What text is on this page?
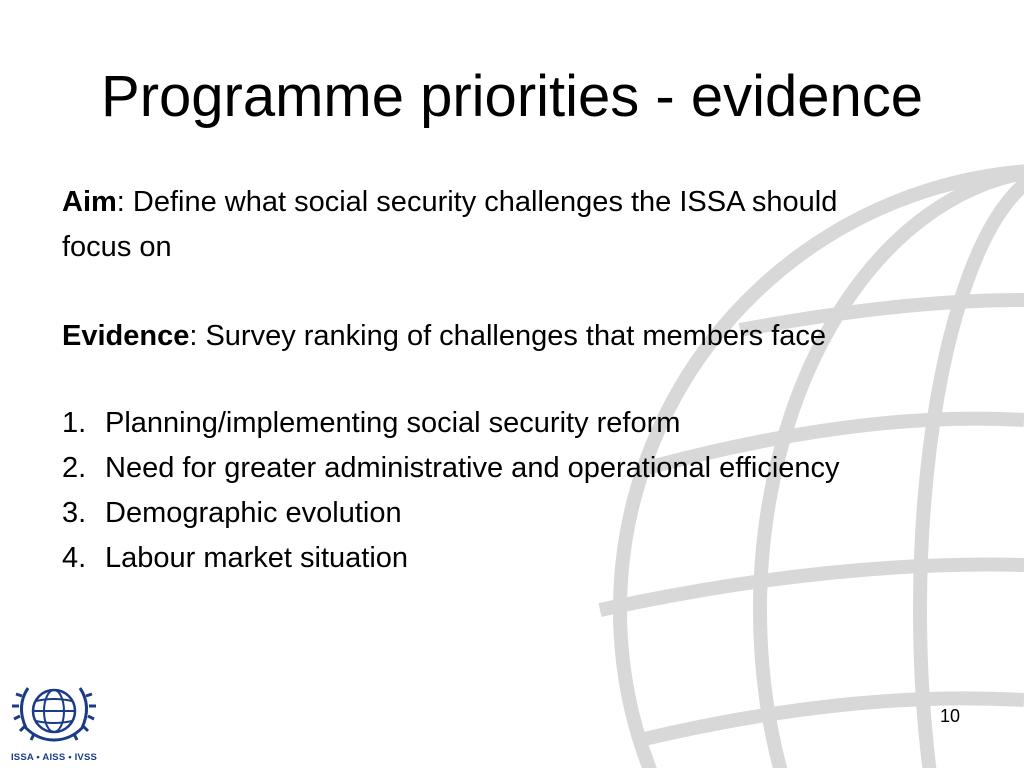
Programme priorities - evidence
Aim: Define what social security challenges the ISSA should focus on
Evidence: Survey ranking of challenges that members face
1. Planning/implementing social security reform
2. Need for greater administrative and operational efficiency
3. Demographic evolution
4. Labour market situation
ISSA • AISS • IVSS
10
